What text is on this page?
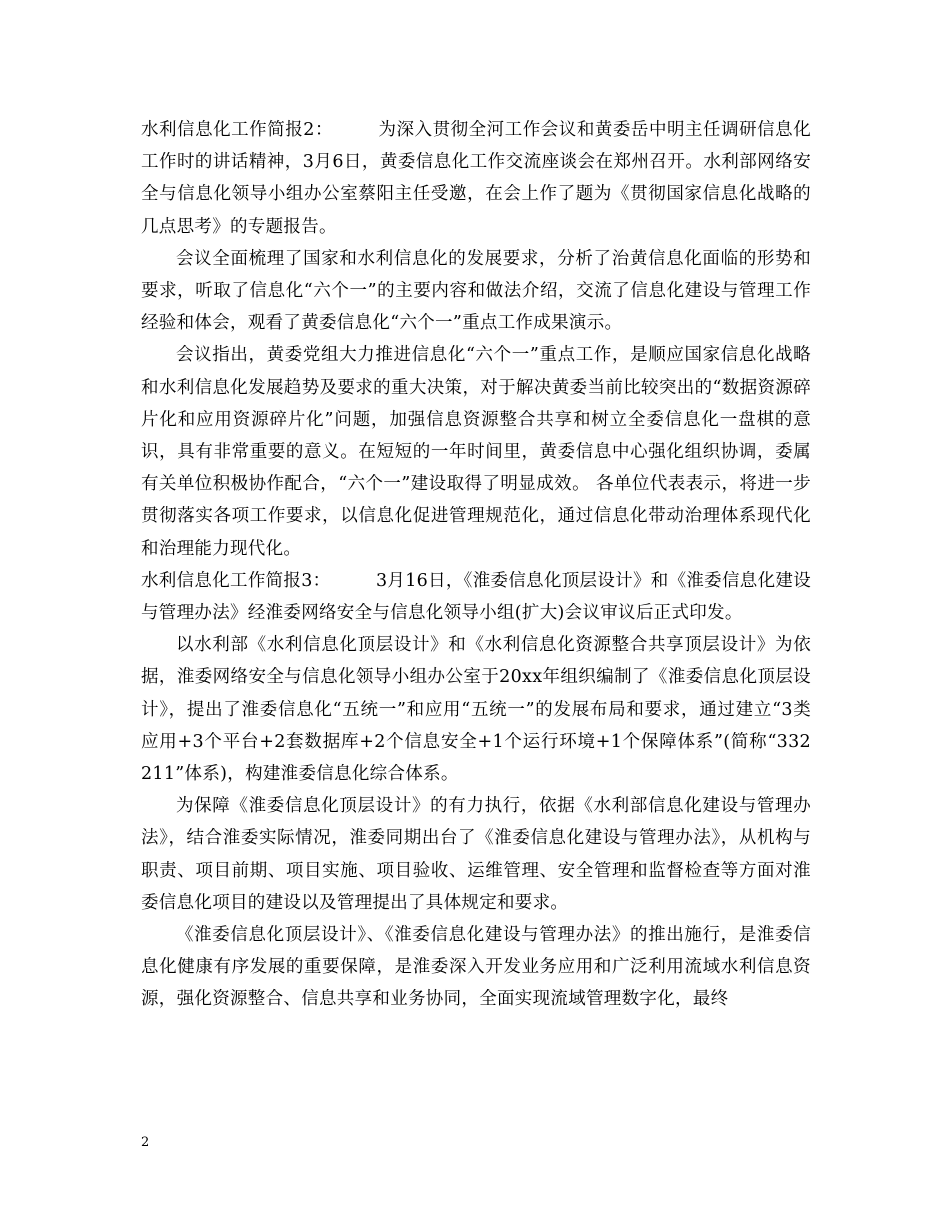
水利信息化工作简报2：	为深入贯彻全河工作会议和黄委岳中明主任调研信息化工作时的讲话精神，3月6日，黄委信息化工作交流座谈会在郑州召开。水利部网络安全与信息化领导小组办公室蔡阳主任受邀，在会上作了题为《贯彻国家信息化战略的几点思考》的专题报告。

会议全面梳理了国家和水利信息化的发展要求，分析了治黄信息化面临的形势和要求，听取了信息化“六个一”的主要内容和做法介绍，交流了信息化建设与管理工作经验和体会，观看了黄委信息化“六个一”重点工作成果演示。

会议指出，黄委党组大力推进信息化“六个一”重点工作，是顺应国家信息化战略和水利信息化发展趋势及要求的重大决策，对于解决黄委当前比较突出的“数据资源碎片化和应用资源碎片化”问题，加强信息资源整合共享和树立全委信息化一盘棋的意识，具有非常重要的意义。在短短的一年时间里，黄委信息中心强化组织协调，委属有关单位积极协作配合，“六个一”建设取得了明显成效。 各单位代表表示，将进一步贯彻落实各项工作要求，以信息化促进管理规范化，通过信息化带动治理体系现代化和治理能力现代化。

水利信息化工作简报3：	3月16日，《淮委信息化顶层设计》和《淮委信息化建设与管理办法》经淮委网络安全与信息化领导小组(扩大)会议审议后正式印发。

以水利部《水利信息化顶层设计》和《水利信息化资源整合共享顶层设计》为依据，淮委网络安全与信息化领导小组办公室于20xx年组织编制了《淮委信息化顶层设计》，提出了淮委信息化“五统一”和应用“五统一”的发展布局和要求，通过建立“3类应用+3个平台+2套数据库+2个信息安全+1个运行环境+1个保障体系”(简称“332 211”体系)，构建淮委信息化综合体系。

为保障《淮委信息化顶层设计》的有力执行，依据《水利部信息化建设与管理办法》，结合淮委实际情况，淮委同期出台了《淮委信息化建设与管理办法》，从机构与职责、项目前期、项目实施、项目验收、运维管理、安全管理和监督检查等方面对淮委信息化项目的建设以及管理提出了具体规定和要求。

《淮委信息化顶层设计》、《淮委信息化建设与管理办法》的推出施行，是淮委信息化健康有序发展的重要保障，是淮委深入开发业务应用和广泛利用流域水利信息资源，强化资源整合、信息共享和业务协同，全面实现流域管理数字化，最终

2
